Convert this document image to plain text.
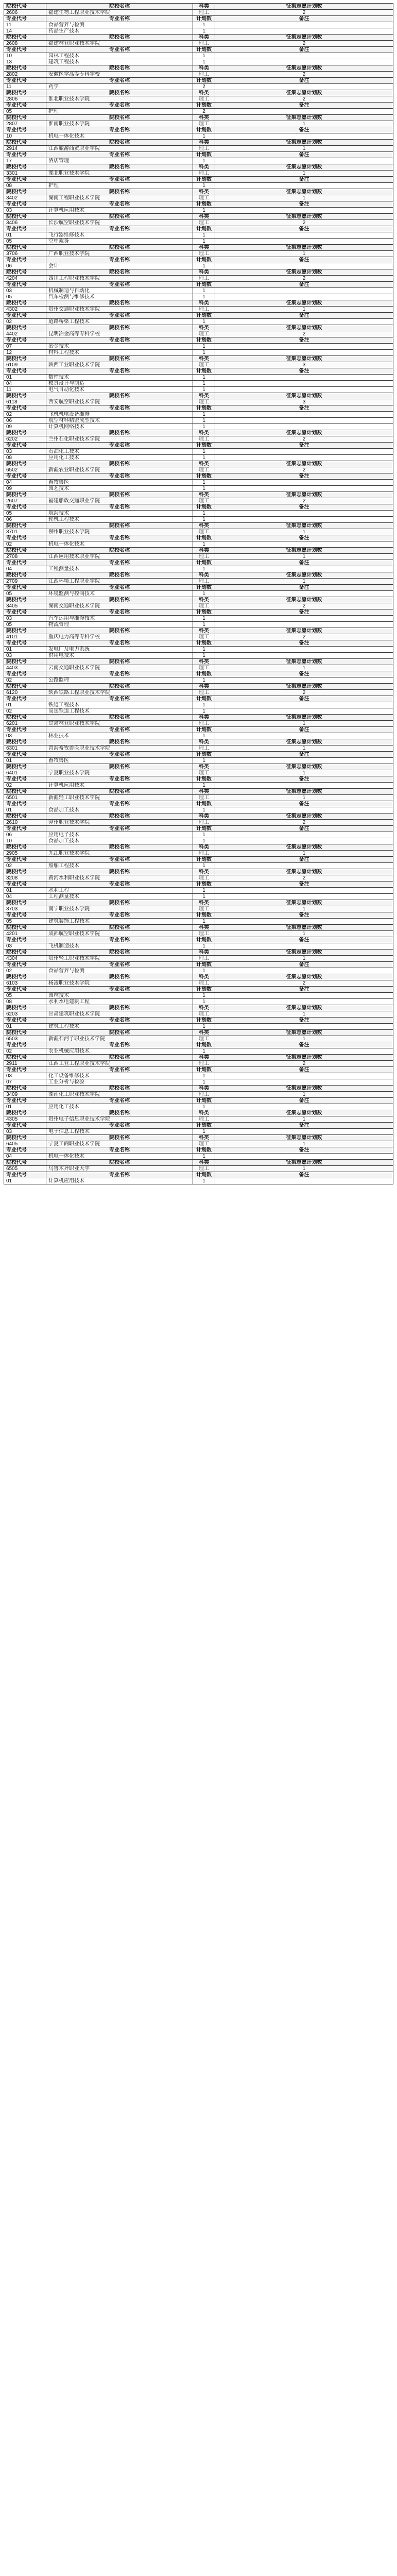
院校代号	院校名称	科类	征集志愿计划数
2606	福建生物工程职业技术学院	理工	2
专业代号	专业名称	计划数	备注
11	食品营养与检测	1	
14	药品生产技术	1	
院校代号	院校名称	科类	征集志愿计划数
2608	福建林业职业技术学院	理工	2
专业代号	专业名称	计划数	备注
10	园林工程技术	1	
13	建筑工程技术	1	
院校代号	院校名称	科类	征集志愿计划数
2802	安徽医学高等专科学校	理工	2
专业代号	专业名称	计划数	备注
11	药学	2	
院校代号	院校名称	科类	征集志愿计划数
2806	淮北职业技术学院	理工	2
专业代号	专业名称	计划数	备注
05	护理	2	
院校代号	院校名称	科类	征集志愿计划数
2807	淮南职业技术学院	理工	1
专业代号	专业名称	计划数	备注
10	机电一体化技术	1	
院校代号	院校名称	科类	征集志愿计划数
2914	江西旅游商贸职业学院	理工	1
专业代号	专业名称	计划数	备注
17	酒店管理	1	
院校代号	院校名称	科类	征集志愿计划数
3301	湖北职业技术学院	理工	1
专业代号	专业名称	计划数	备注
08	护理	1	
院校代号	院校名称	科类	征集志愿计划数
3402	湖南工程职业技术学院	理工	1
专业代号	专业名称	计划数	备注
03	计算机应用技术	1	
院校代号	院校名称	科类	征集志愿计划数
3406	长沙航空职业技术学院	理工	2
专业代号	专业名称	计划数	备注
01	飞行器维修技术	1	
05	空中乘务	1	
院校代号	院校名称	科类	征集志愿计划数
3706	广西职业技术学院	理工	1
专业代号	专业名称	计划数	备注
06	会计	1	
院校代号	院校名称	科类	征集志愿计划数
4204	四川工程职业技术学院	理工	2
专业代号	专业名称	计划数	备注
03	机械制造与自动化	1	
05	汽车检测与维修技术	1	
院校代号	院校名称	科类	征集志愿计划数
4302	贵州交通职业技术学院	理工	1
专业代号	专业名称	计划数	备注
02	道路桥梁工程技术	1	
院校代号	院校名称	科类	征集志愿计划数
4402	昆明冶金高等专科学校	理工	2
专业代号	专业名称	计划数	备注
07	冶金技术	1	
12	材料工程技术	1	
院校代号	院校名称	科类	征集志愿计划数
6109	陕西工业职业技术学院	理工	3
专业代号	专业名称	计划数	备注
01	数控技术	1	
04	模具设计与制造	1	
11	电气自动化技术	1	
院校代号	院校名称	科类	征集志愿计划数
6118	西安航空职业技术学院	理工	3
专业代号	专业名称	计划数	备注
02	飞机机电设备维修	1	
06	航空材料精密成型技术	1	
09	计算机网络技术	1	
院校代号	院校名称	科类	征集志愿计划数
6202	兰州石化职业技术学院	理工	2
专业代号	专业名称	计划数	备注
03	石油化工技术	1	
08	应用化工技术	1	
院校代号	院校名称	科类	征集志愿计划数
6502	新疆农业职业技术学院	理工	2
专业代号	专业名称	计划数	备注
04	畜牧兽医	1	
09	园艺技术	1	
院校代号	院校名称	科类	征集志愿计划数
2607	福建船政交通职业学院	理工	2
专业代号	专业名称	计划数	备注
05	航海技术	1	
06	轮机工程技术	1	
院校代号	院校名称	科类	征集志愿计划数
3701	柳州职业技术学院	理工	1
专业代号	专业名称	计划数	备注
02	机电一体化技术	1	
院校代号	院校名称	科类	征集志愿计划数
2708	江西应用技术职业学院	理工	1
专业代号	专业名称	计划数	备注
04	工程测量技术	1	
院校代号	院校名称	科类	征集志愿计划数
2709	江西环境工程职业学院	理工	1
专业代号	专业名称	计划数	备注
05	环境监测与控制技术	1	
院校代号	院校名称	科类	征集志愿计划数
3405	湖南交通职业技术学院	理工	2
专业代号	专业名称	计划数	备注
03	汽车运用与维修技术	1	
05	物流管理	1	
院校代号	院校名称	科类	征集志愿计划数
4101	重庆电力高等专科学校	理工	2
专业代号	专业名称	计划数	备注
01	发电厂及电力系统	1	
03	供用电技术	1	
院校代号	院校名称	科类	征集志愿计划数
4403	云南交通职业技术学院	理工	1
专业代号	专业名称	计划数	备注
02	公路监理	1	
院校代号	院校名称	科类	征集志愿计划数
6120	陕西铁路工程职业技术学院	理工	2
专业代号	专业名称	计划数	备注
01	铁道工程技术	1	
02	高速铁道工程技术	1	
院校代号	院校名称	科类	征集志愿计划数
6201	甘肃林业职业技术学院	理工	1
专业代号	专业名称	计划数	备注
03	林业技术	1	
院校代号	院校名称	科类	征集志愿计划数
6301	青海畜牧兽医职业技术学院	理工	1
专业代号	专业名称	计划数	备注
01	畜牧兽医	1	
院校代号	院校名称	科类	征集志愿计划数
6401	宁夏职业技术学院	理工	1
专业代号	专业名称	计划数	备注
02	计算机应用技术	1	
院校代号	院校名称	科类	征集志愿计划数
6501	新疆轻工职业技术学院	理工	1
专业代号	专业名称	计划数	备注
01	食品加工技术	1	
院校代号	院校名称	科类	征集志愿计划数
2610	漳州职业技术学院	理工	2
专业代号	专业名称	计划数	备注
06	应用电子技术	1	
10	食品加工技术	1	
院校代号	院校名称	科类	征集志愿计划数
2905	九江职业技术学院	理工	1
专业代号	专业名称	计划数	备注
02	船舶工程技术	1	
院校代号	院校名称	科类	征集志愿计划数
3208	黄河水利职业技术学院	理工	2
专业代号	专业名称	计划数	备注
01	水利工程	1	
04	工程测量技术	1	
院校代号	院校名称	科类	征集志愿计划数
3703	南宁职业技术学院	理工	1
专业代号	专业名称	计划数	备注
05	建筑装饰工程技术	1	
院校代号	院校名称	科类	征集志愿计划数
4201	成都航空职业技术学院	理工	1
专业代号	专业名称	计划数	备注
03	飞机制造技术	1	
院校代号	院校名称	科类	征集志愿计划数
4304	贵州轻工职业技术学院	理工	1
专业代号	专业名称	计划数	备注
02	食品营养与检测	1	
院校代号	院校名称	科类	征集志愿计划数
6103	杨凌职业技术学院	理工	2
专业代号	专业名称	计划数	备注
05	园林技术	1	
08	水利水电建筑工程	1	
院校代号	院校名称	科类	征集志愿计划数
6203	甘肃建筑职业技术学院	理工	1
专业代号	专业名称	计划数	备注
01	建筑工程技术	1	
院校代号	院校名称	科类	征集志愿计划数
6503	新疆石河子职业技术学院	理工	1
专业代号	专业名称	计划数	备注
02	农业机械应用技术	1	
院校代号	院校名称	科类	征集志愿计划数
2911	江西工业工程职业技术学院	理工	2
专业代号	专业名称	计划数	备注
03	化工设备维修技术	1	
07	工业分析与检验	1	
院校代号	院校名称	科类	征集志愿计划数
3409	湖南化工职业技术学院	理工	1
专业代号	专业名称	计划数	备注
01	应用化工技术	1	
院校代号	院校名称	科类	征集志愿计划数
4305	贵州电子信息职业技术学院	理工	1
专业代号	专业名称	计划数	备注
03	电子信息工程技术	1	
院校代号	院校名称	科类	征集志愿计划数
6405	宁夏工商职业技术学院	理工	1
专业代号	专业名称	计划数	备注
04	机电一体化技术	1	
院校代号	院校名称	科类	征集志愿计划数
6505	乌鲁木齐职业大学	理工	1
专业代号	专业名称	计划数	备注
01	计算机应用技术	1	
